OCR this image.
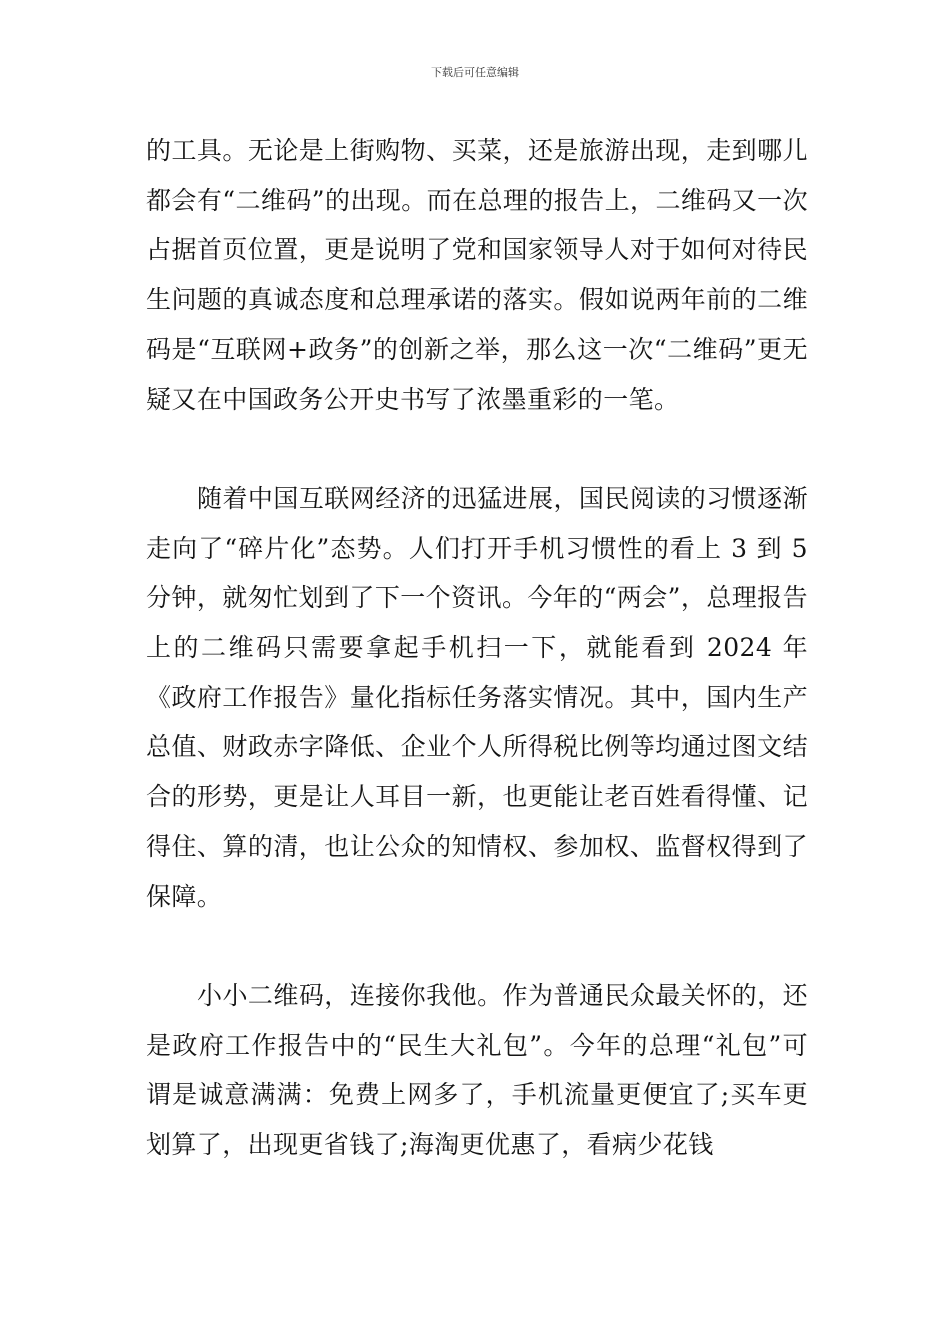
下载后可任意编辑

的工具。无论是上街购物、买菜，还是旅游出现，走到哪儿都会有“二维码”的出现。而在总理的报告上，二维码又一次占据首页位置，更是说明了党和国家领导人对于如何对待民生问题的真诚态度和总理承诺的落实。假如说两年前的二维码是“互联网+政务”的创新之举，那么这一次“二维码”更无疑又在中国政务公开史书写了浓墨重彩的一笔。

随着中国互联网经济的迅猛进展，国民阅读的习惯逐渐走向了“碎片化”态势。人们打开手机习惯性的看上 3 到 5 分钟，就匆忙划到了下一个资讯。今年的“两会”，总理报告上的二维码只需要拿起手机扫一下，就能看到 2024 年《政府工作报告》量化指标任务落实情况。其中，国内生产总值、财政赤字降低、企业个人所得税比例等均通过图文结合的形势，更是让人耳目一新，也更能让老百姓看得懂、记得住、算的清，也让公众的知情权、参加权、监督权得到了保障。

小小二维码，连接你我他。作为普通民众最关怀的，还是政府工作报告中的“民生大礼包”。今年的总理“礼包”可谓是诚意满满：免费上网多了，手机流量更便宜了;买车更划算了，出现更省钱了;海淘更优惠了，看病少花钱
